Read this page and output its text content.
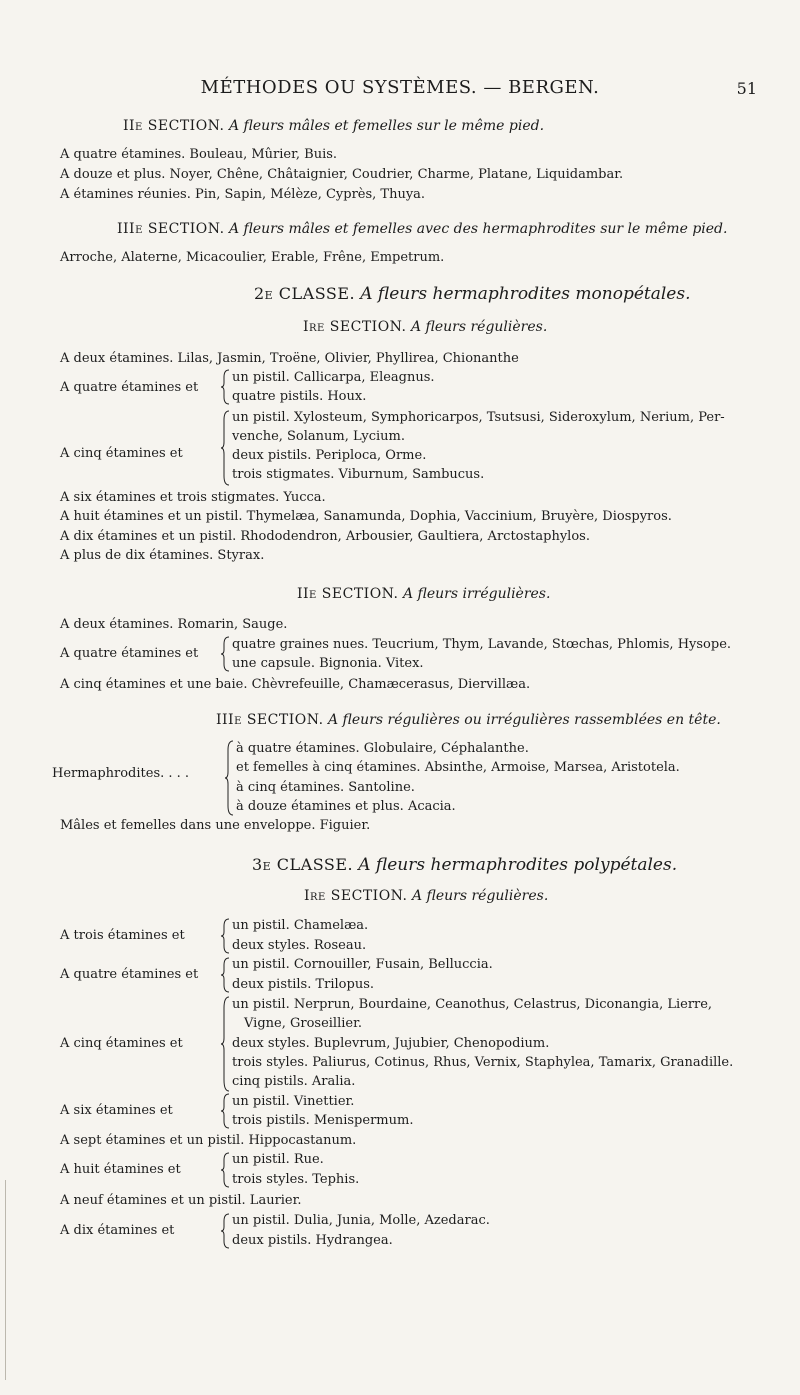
MÉTHODES OU SYSTÈMES. — BERGEN.	51
IIe SECTION. A fleurs mâles et femelles sur le même pied.
A quatre étamines. Bouleau, Mûrier, Buis.
A douze et plus. Noyer, Chêne, Châtaignier, Coudrier, Charme, Platane, Liquidambar.
A étamines réunies. Pin, Sapin, Mélèze, Cyprès, Thuya.
IIIe SECTION. A fleurs mâles et femelles avec des hermaphrodites sur le même pied.
Arroche, Alaterne, Micacoulier, Erable, Frêne, Empetrum.
2e CLASSE. A fleurs hermaphrodites monopétales.
Ire SECTION. A fleurs régulières.
A deux étamines. Lilas, Jasmin, Troëne, Olivier, Phyllirea, Chionanthe
A quatre étamines et
un pistil. Callicarpa, Eleagnus.
quatre pistils. Houx.
A cinq étamines et
un pistil. Xylosteum, Symphoricarpos, Tsutsusi, Sideroxylum, Nerium, Per-
venche, Solanum, Lycium.
deux pistils. Periploca, Orme.
trois stigmates. Viburnum, Sambucus.
A six étamines et trois stigmates. Yucca.
A huit étamines et un pistil. Thymelæa, Sanamunda, Dophia, Vaccinium, Bruyère, Diospyros.
A dix étamines et un pistil. Rhododendron, Arbousier, Gaultiera, Arctostaphylos.
A plus de dix étamines. Styrax.
IIe SECTION. A fleurs irrégulières.
A deux étamines. Romarin, Sauge.
A quatre étamines et
quatre graines nues. Teucrium, Thym, Lavande, Stœchas, Phlomis, Hysope.
une capsule. Bignonia. Vitex.
A cinq étamines et une baie. Chèvrefeuille, Chamæcerasus, Diervillæa.
IIIe SECTION. A fleurs régulières ou irrégulières rassemblées en tête.
Hermaphrodites. . . .
à quatre étamines. Globulaire, Céphalanthe.
et femelles à cinq étamines. Absinthe, Armoise, Marsea, Aristotela.
à cinq étamines. Santoline.
à douze étamines et plus. Acacia.
Mâles et femelles dans une enveloppe. Figuier.
3e CLASSE. A fleurs hermaphrodites polypétales.
Ire SECTION. A fleurs régulières.
A trois étamines et
un pistil. Chamelæa.
deux styles. Roseau.
A quatre étamines et
un pistil. Cornouiller, Fusain, Belluccia.
deux pistils. Trilopus.
A cinq étamines et
un pistil. Nerprun, Bourdaine, Ceanothus, Celastrus, Diconangia, Lierre,
Vigne, Groseillier.
deux styles. Buplevrum, Jujubier, Chenopodium.
trois styles. Paliurus, Cotinus, Rhus, Vernix, Staphylea, Tamarix, Granadille.
cinq pistils. Aralia.
A six étamines et
un pistil. Vinettier.
trois pistils. Menispermum.
A sept étamines et un pistil. Hippocastanum.
A huit étamines et
un pistil. Rue.
trois styles. Tephis.
A neuf étamines et un pistil. Laurier.
A dix étamines et
un pistil. Dulia, Junia, Molle, Azedarac.
deux pistils. Hydrangea.
